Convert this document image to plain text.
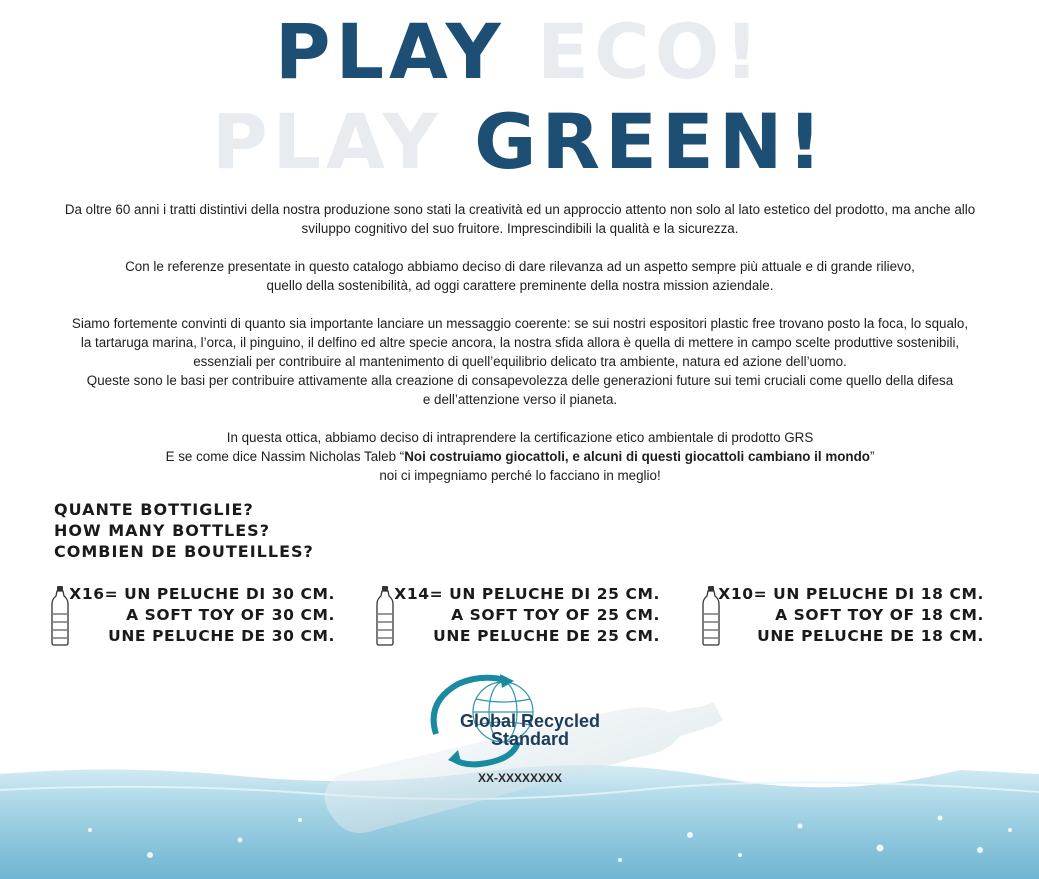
PLAY ECO!
PLAY GREEN!

Da oltre 60 anni i tratti distintivi della nostra produzione sono stati la creatività ed un approccio attento non solo al lato estetico del prodotto, ma anche allo
sviluppo cognitivo del suo fruitore. Imprescindibili la qualità e la sicurezza.

Con le referenze presentate in questo catalogo abbiamo deciso di dare rilevanza ad un aspetto sempre più attuale e di grande rilievo,
quello della sostenibilità, ad oggi carattere preminente della nostra mission aziendale.

Siamo fortemente convinti di quanto sia importante lanciare un messaggio coerente: se sui nostri espositori plastic free trovano posto la foca, lo squalo,
la tartaruga marina, l’orca, il pinguino, il delfino ed altre specie ancora, la nostra sfida allora è quella di mettere in campo scelte produttive sostenibili,
essenziali per contribuire al mantenimento di quell’equilibrio delicato tra ambiente, natura ed azione dell’uomo.
Queste sono le basi per contribuire attivamente alla creazione di consapevolezza delle generazioni future sui temi cruciali come quello della difesa
e dell’attenzione verso il pianeta.

In questa ottica, abbiamo deciso di intraprendere la certificazione etico ambientale di prodotto GRS
E se come dice Nassim Nicholas Taleb “Noi costruiamo giocattoli, e alcuni di questi giocattoli cambiano il mondo”
noi ci impegniamo perché lo facciano in meglio!

QUANTE BOTTIGLIE?
HOW MANY BOTTLES?
COMBIEN DE BOUTEILLES?
X16= UN PELUCHE DI 30 CM.
A SOFT TOY OF 30 CM.
UNE PELUCHE DE 30 CM.
X14= UN PELUCHE DI 25 CM.
A SOFT TOY OF 25 CM.
UNE PELUCHE DE 25 CM.
X10= UN PELUCHE DI 18 CM.
A SOFT TOY OF 18 CM.
UNE PELUCHE DE 18 CM.
Global Recycled
Standard
XX-XXXXXXXX
